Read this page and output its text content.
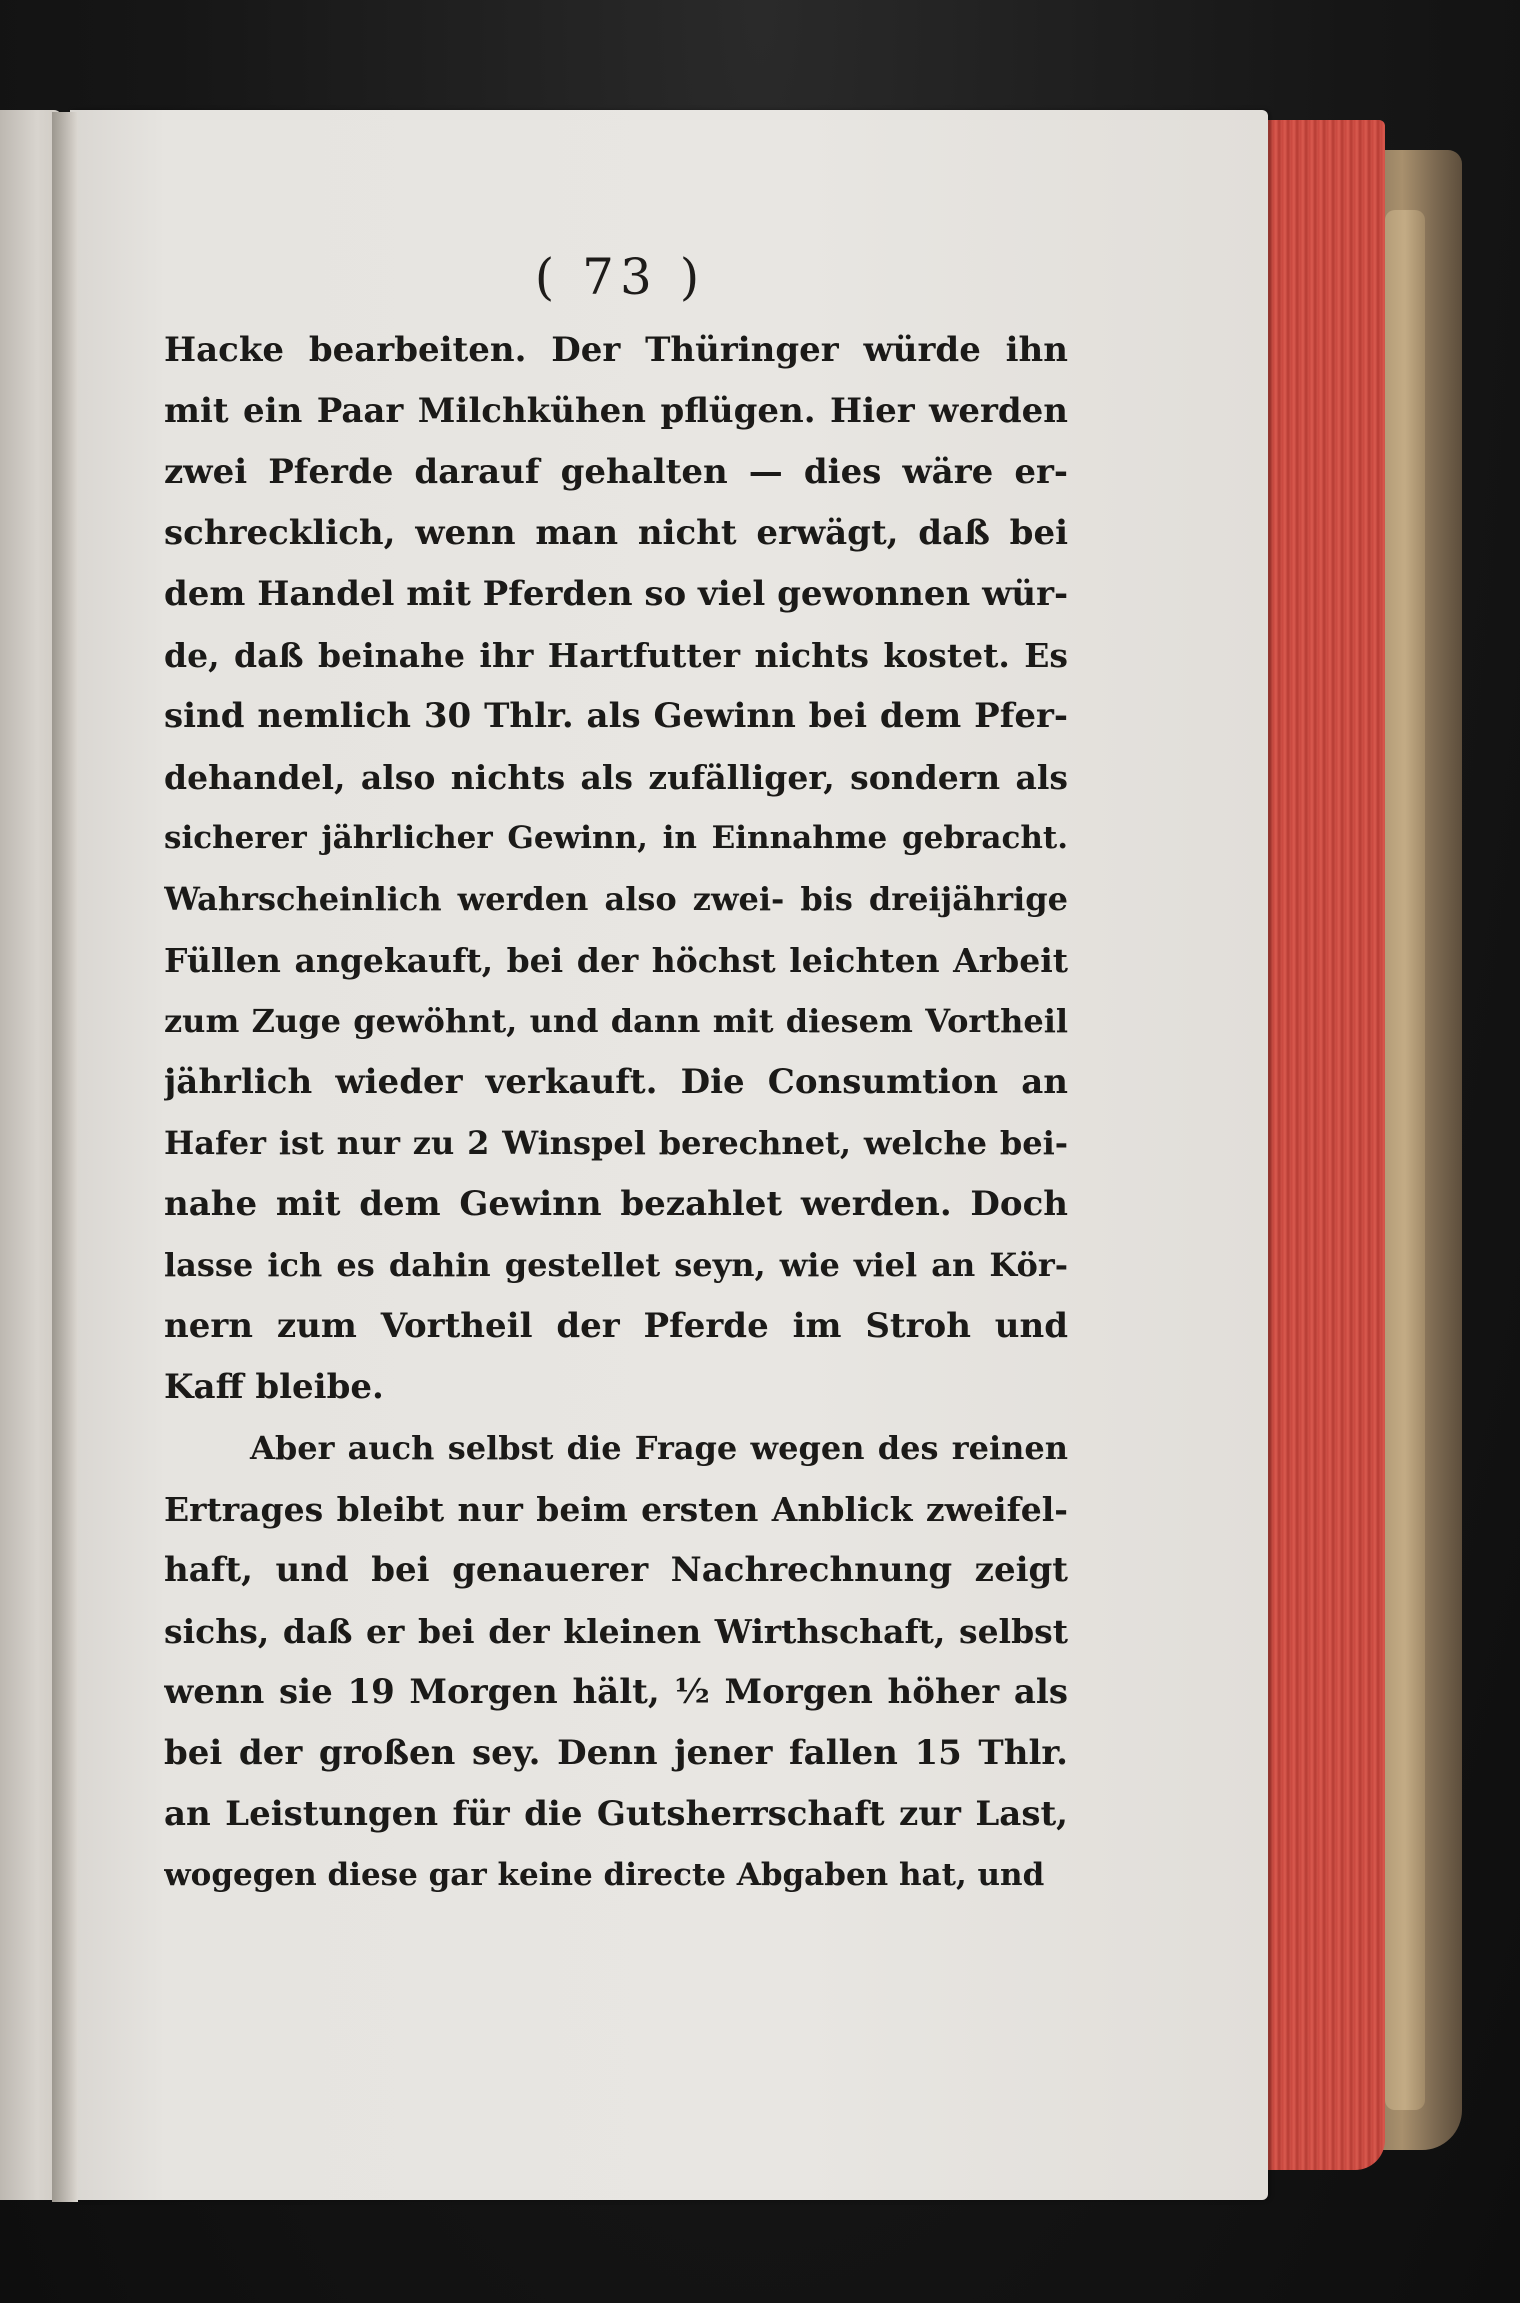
( 73 )
Hacke bearbeiten. Der Thüringer würde ihn
mit ein Paar Milchkühen pflügen. Hier werden
zwei Pferde darauf gehalten — dies wäre er-
schrecklich, wenn man nicht erwägt, daß bei
dem Handel mit Pferden so viel gewonnen wür-
de, daß beinahe ihr Hartfutter nichts kostet. Es
sind nemlich 30 Thlr. als Gewinn bei dem Pfer-
dehandel, also nichts als zufälliger, sondern als
sicherer jährlicher Gewinn, in Einnahme gebracht.
Wahrscheinlich werden also zwei- bis dreijährige
Füllen angekauft, bei der höchst leichten Arbeit
zum Zuge gewöhnt, und dann mit diesem Vortheil
jährlich wieder verkauft. Die Consumtion an
Hafer ist nur zu 2 Winspel berechnet, welche bei-
nahe mit dem Gewinn bezahlet werden. Doch
lasse ich es dahin gestellet seyn, wie viel an Kör-
nern zum Vortheil der Pferde im Stroh und
Kaff bleibe.
Aber auch selbst die Frage wegen des reinen
Ertrages bleibt nur beim ersten Anblick zweifel-
haft, und bei genauerer Nachrechnung zeigt
sichs, daß er bei der kleinen Wirthschaft, selbst
wenn sie 19 Morgen hält, ½ Morgen höher als
bei der großen sey. Denn jener fallen 15 Thlr.
an Leistungen für die Gutsherrschaft zur Last,
wogegen diese gar keine directe Abgaben hat, und
